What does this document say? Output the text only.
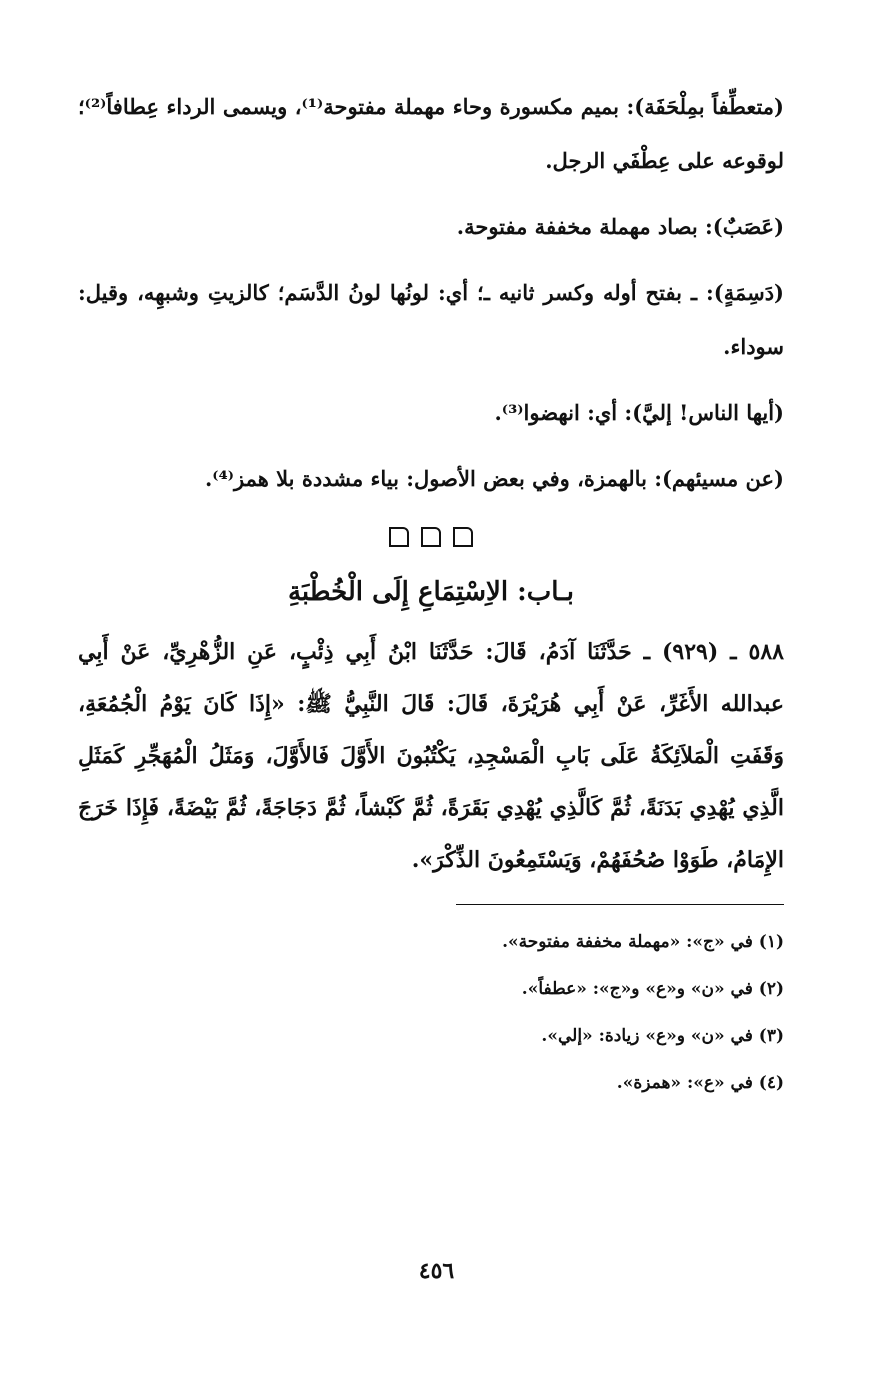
(متعطِّفاً بمِلْحَفَة): بميم مكسورة وحاء مهملة مفتوحة⁽¹⁾، ويسمى الرداء عِطافاً⁽²⁾؛ لوقوعه على عِطْفَي الرجل.

(عَصَبٌ): بصاد مهملة مخففة مفتوحة.

(دَسِمَةٍ): ـ بفتح أوله وكسر ثانيه ـ؛ أي: لونُها لونُ الدَّسَم؛ كالزيتِ وشبهِه، وقيل: سوداء.

(أيها الناس! إليَّ): أي: انهضوا⁽³⁾.

(عن مسيئهم): بالهمزة، وفي بعض الأصول: بياء مشددة بلا همز⁽⁴⁾.

بـاب: الاِسْتِمَاعِ إِلَى الْخُطْبَةِ

٥٨٨ ـ (٩٢٩) ـ حَدَّثَنَا آدَمُ، قَالَ: حَدَّثَنَا ابْنُ أَبِي ذِئْبٍ، عَنِ الزُّهْرِيِّ، عَنْ أَبِي عبدالله الأَغَرِّ، عَنْ أَبِي هُرَيْرَةَ، قَالَ: قَالَ النَّبِيُّ ﷺ: «إِذَا كَانَ يَوْمُ الْجُمُعَةِ، وَقَفَتِ الْمَلاَئِكَةُ عَلَى بَابِ الْمَسْجِدِ، يَكْتُبُونَ الأَوَّلَ فَالأَوَّلَ، وَمَثَلُ الْمُهَجِّرِ كَمَثَلِ الَّذِي يُهْدِي بَدَنَةً، ثُمَّ كَالَّذِي يُهْدِي بَقَرَةً، ثُمَّ كَبْشاً، ثُمَّ دَجَاجَةً، ثُمَّ بَيْضَةً، فَإِذَا خَرَجَ الإِمَامُ، طَوَوْا صُحُفَهُمْ، وَيَسْتَمِعُونَ الذِّكْرَ».

(١) في «ج»: «مهملة مخففة مفتوحة».

(٢) في «ن» و«ع» و«ج»: «عطفاً».

(٣) في «ن» و«ع» زيادة: «إلي».

(٤) في «ع»: «همزة».

٤٥٦
